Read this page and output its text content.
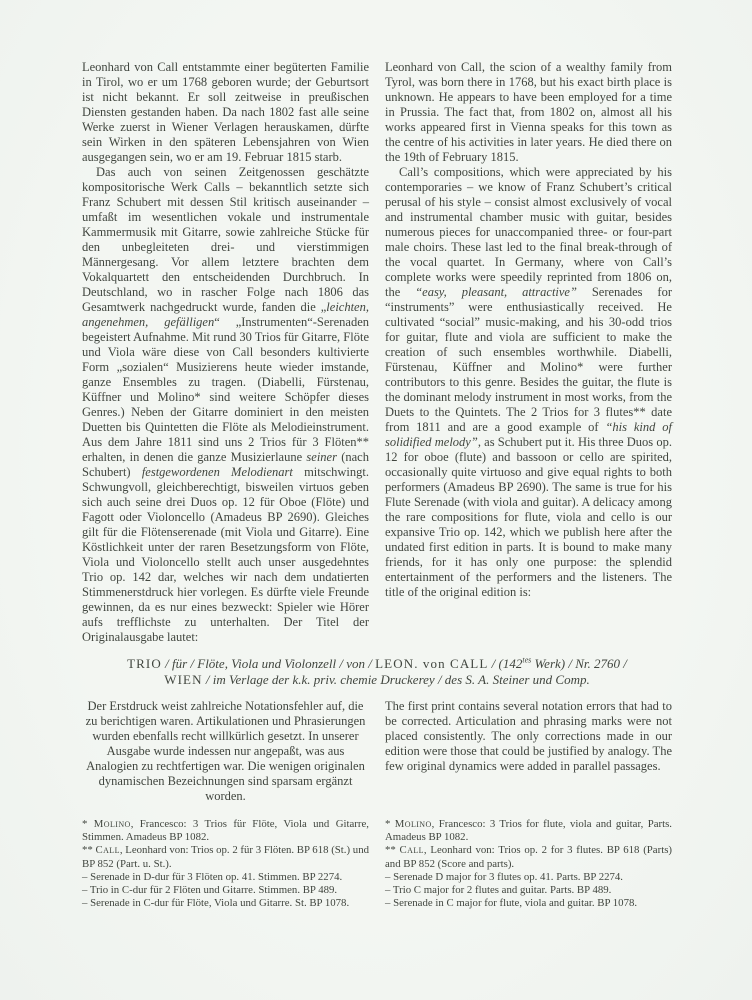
Leonhard von Call entstammte einer begüterten Familie in Tirol, wo er um 1768 geboren wurde; der Geburtsort ist nicht bekannt. Er soll zeitweise in preußischen Diensten gestanden haben. Da nach 1802 fast alle seine Werke zuerst in Wiener Verlagen herauskamen, dürfte sein Wirken in den späteren Lebensjahren von Wien ausgegangen sein, wo er am 19. Februar 1815 starb.

Das auch von seinen Zeitgenossen geschätzte kompositorische Werk Calls – bekanntlich setzte sich Franz Schubert mit dessen Stil kritisch auseinander – umfaßt im wesentlichen vokale und instrumentale Kammermusik mit Gitarre, sowie zahlreiche Stücke für den unbegleiteten drei- und vierstimmigen Männergesang. Vor allem letztere brachten dem Vokalquartett den entscheidenden Durchbruch. In Deutschland, wo in rascher Folge nach 1806 das Gesamtwerk nachgedruckt wurde, fanden die „leichten, angenehmen, gefälligen“ „Instrumenten“-Serenaden begeistert Aufnahme. Mit rund 30 Trios für Gitarre, Flöte und Viola wäre diese von Call besonders kultivierte Form „sozialen“ Musizierens heute wieder imstande, ganze Ensembles zu tragen. (Diabelli, Fürstenau, Küffner und Molino* sind weitere Schöpfer dieses Genres.) Neben der Gitarre dominiert in den meisten Duetten bis Quintetten die Flöte als Melodieinstrument. Aus dem Jahre 1811 sind uns 2 Trios für 3 Flöten** erhalten, in denen die ganze Musizierlaune seiner (nach Schubert) festgewordenen Melodienart mitschwingt. Schwungvoll, gleichberechtigt, bisweilen virtuos geben sich auch seine drei Duos op. 12 für Oboe (Flöte) und Fagott oder Violoncello (Amadeus BP 2690). Gleiches gilt für die Flötenserenade (mit Viola und Gitarre). Eine Köstlichkeit unter der raren Besetzungsform von Flöte, Viola und Violoncello stellt auch unser ausgedehntes Trio op. 142 dar, welches wir nach dem undatierten Stimmenerstdruck hier vorlegen. Es dürfte viele Freunde gewinnen, da es nur eines bezweckt: Spieler wie Hörer aufs trefflichste zu unterhalten. Der Titel der Originalausgabe lautet:

Leonhard von Call, the scion of a wealthy family from Tyrol, was born there in 1768, but his exact birth place is unknown. He appears to have been employed for a time in Prussia. The fact that, from 1802 on, almost all his works appeared first in Vienna speaks for this town as the centre of his activities in later years. He died there on the 19th of February 1815.

Call’s compositions, which were appreciated by his contemporaries – we know of Franz Schubert’s critical perusal of his style – consist almost exclusively of vocal and instrumental chamber music with guitar, besides numerous pieces for unaccompanied three- or four-part male choirs. These last led to the final break-through of the vocal quartet. In Germany, where von Call’s complete works were speedily reprinted from 1806 on, the “easy, pleasant, attractive” Serenades for “instruments” were enthusiastically received. He cultivated “social” music-making, and his 30-odd trios for guitar, flute and viola are sufficient to make the creation of such ensembles worthwhile. Diabelli, Fürstenau, Küffner and Molino* were further contributors to this genre. Besides the guitar, the flute is the dominant melody instrument in most works, from the Duets to the Quintets. The 2 Trios for 3 flutes** date from 1811 and are a good example of “his kind of solidified melody”, as Schubert put it. His three Duos op. 12 for oboe (flute) and bassoon or cello are spirited, occasionally quite virtuoso and give equal rights to both performers (Amadeus BP 2690). The same is true for his Flute Serenade (with viola and guitar). A delicacy among the rare compositions for flute, viola and cello is our expansive Trio op. 142, which we publish here after the undated first edition in parts. It is bound to make many friends, for it has only one purpose: the splendid entertainment of the performers and the listeners. The title of the original edition is:

TRIO / für / Flöte, Viola und Violonzell / von / LEON. von CALL / ($142^{tes}$ Werk) / Nr. 2760 /

WIEN / im Verlage der k.k. priv. chemie Druckerey / des S. A. Steiner und Comp.

Der Erstdruck weist zahlreiche Notationsfehler auf, die zu berichtigen waren. Artikulationen und Phrasierungen wurden ebenfalls recht willkürlich gesetzt. In unserer Ausgabe wurde indessen nur angepaßt, was aus Analogien zu rechtfertigen war. Die wenigen originalen dynamischen Bezeichnungen sind sparsam ergänzt worden.

The first print contains several notation errors that had to be corrected. Articulation and phrasing marks were not placed consistently. The only corrections made in our edition were those that could be justified by analogy. The few original dynamics were added in parallel passages.

* Molino, Francesco: 3 Trios für Flöte, Viola und Gitarre, Stimmen. Amadeus BP 1082.

** Call, Leonhard von: Trios op. 2 für 3 Flöten. BP 618 (St.) und BP 852 (Part. u. St.).

– Serenade in D-dur für 3 Flöten op. 41. Stimmen. BP 2274.

– Trio in C-dur für 2 Flöten und Gitarre. Stimmen. BP 489.

– Serenade in C-dur für Flöte, Viola und Gitarre. St. BP 1078.

* Molino, Francesco: 3 Trios for flute, viola and guitar, Parts. Amadeus BP 1082.

** Call, Leonhard von: Trios op. 2 for 3 flutes. BP 618 (Parts) and BP 852 (Score and parts).

– Serenade D major for 3 flutes op. 41. Parts. BP 2274.

– Trio C major for 2 flutes and guitar. Parts. BP 489.

– Serenade in C major for flute, viola and guitar. BP 1078.
